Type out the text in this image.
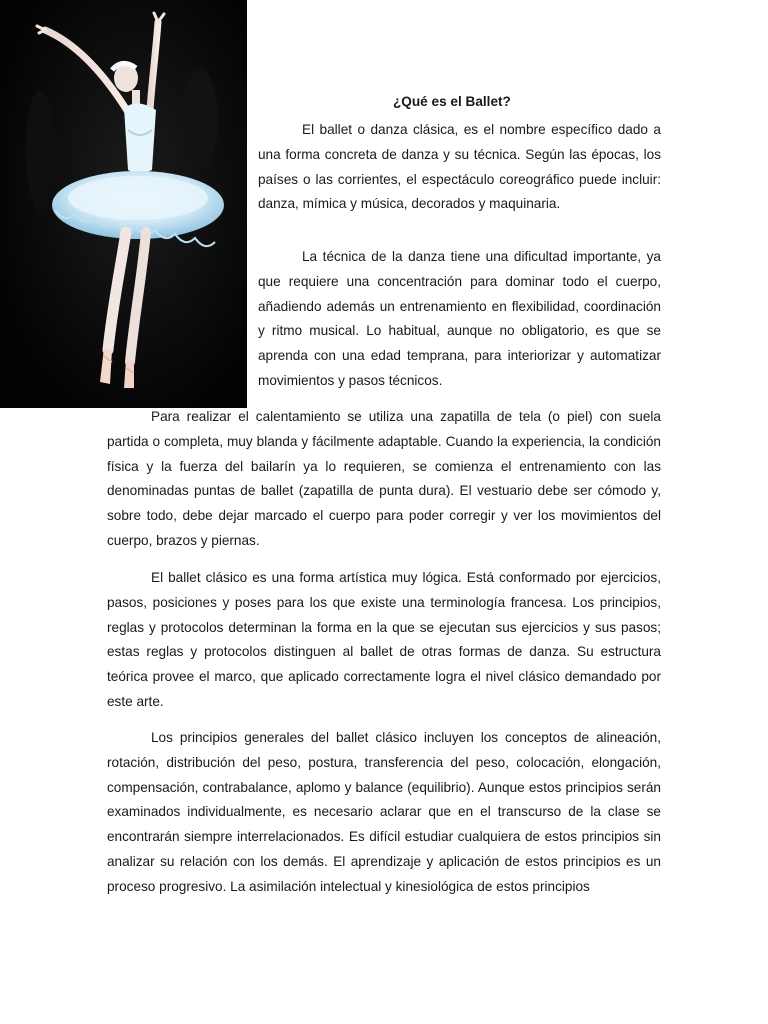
¿Qué es el Ballet?

El ballet o danza clásica, es el nombre específico dado a una forma concreta de danza y su técnica. Según las épocas, los países o las corrientes, el espectáculo coreográfico puede incluir: danza, mímica y música, decorados y maquinaria.

La técnica de la danza tiene una dificultad importante, ya que requiere una concentración para dominar todo el cuerpo, añadiendo además un entrenamiento en flexibilidad, coordinación y ritmo musical. Lo habitual, aunque no obligatorio, es que se aprenda con una edad temprana, para interiorizar y automatizar movimientos y pasos técnicos.

Para realizar el calentamiento se utiliza una zapatilla de tela (o piel) con suela partida o completa, muy blanda y fácilmente adaptable. Cuando la experiencia, la condición física y la fuerza del bailarín ya lo requieren, se comienza el entrenamiento con las denominadas puntas de ballet (zapatilla de punta dura). El vestuario debe ser cómodo y, sobre todo, debe dejar marcado el cuerpo para poder corregir y ver los movimientos del cuerpo, brazos y piernas.

El ballet clásico es una forma artística muy lógica. Está conformado por ejercicios, pasos, posiciones y poses para los que existe una terminología francesa. Los principios, reglas y protocolos determinan la forma en la que se ejecutan sus ejercicios y sus pasos; estas reglas y protocolos distinguen al ballet de otras formas de danza. Su estructura teórica provee el marco, que aplicado correctamente logra el nivel clásico demandado por este arte.

Los principios generales del ballet clásico incluyen los conceptos de alineación, rotación, distribución del peso, postura, transferencia del peso, colocación, elongación, compensación, contrabalance, aplomo y balance (equilibrio). Aunque estos principios serán examinados individualmente, es necesario aclarar que en el transcurso de la clase se encontrarán siempre interrelacionados. Es difícil estudiar cualquiera de estos principios sin analizar su relación con los demás. El aprendizaje y aplicación de estos principios es un proceso progresivo. La asimilación intelectual y kinesiológica de estos principios
